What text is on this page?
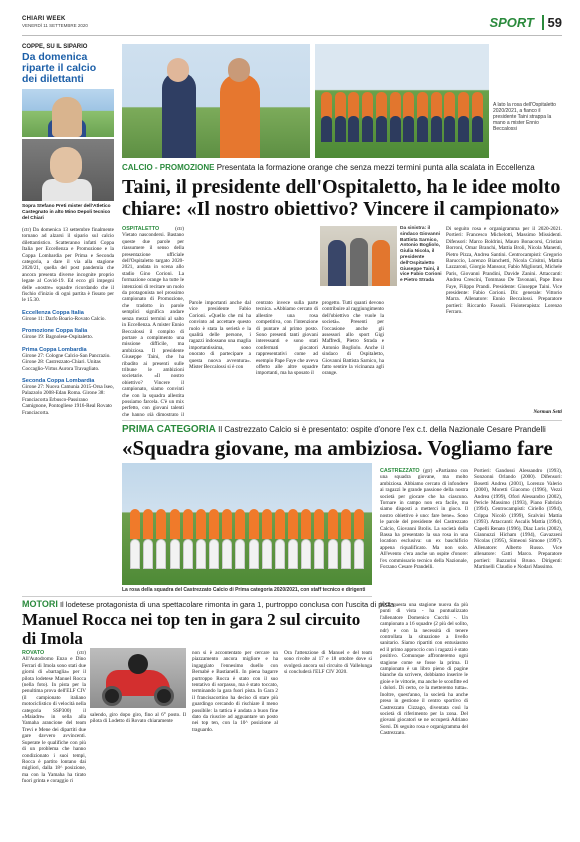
CHIARI WEEK
VENERDÌ 11 SETTEMBRE 2020	SPORT	59
COPPE, SU IL SIPARIO
Da domenica riparte il calcio dei dilettanti
Sopra Stefano Preti mister dell'Atletico Castegnato in alto Mino Depoli tecnico del Chiari
(ctr) Da domenica 13 settembre finalmente tornano ad alzarsi il sipario sul calcio dilettantistico. Scatteranno infatti Coppa Italia per Eccellenza e Promozione e la Coppa Lombardia per Prima e Seconda categoria, a dare il via alla stagione 2020/21, quella del post pandemia che ancora presenta diverse incognite proprio legate al Covid-19. Ed ecco gli impegni delle «nostre» squadre ricordando che il fischio d'inizio di ogni partita è fissato per le 15.30.
Eccellenza Coppa Italia
Girone 11: Darfo Boario-Rovato Calcio.
Promozione Coppa Italia
Girone 19: Bagnolese-Ospitaletto.
Prima Coppa Lombardia
Girone 27: Cologne Calcio-San Pancrazio. Girone 28: Castrezzato-Chiari. Unitas Coccaglio-Virtus Aurora Travagliato.
Seconda Coppa Lombardia
Girone 27: Nuova Camunia 2015-Orsa Iseo, Palazzolo 2008-Edan Roma. Girone 38: Franciacorta Erbusco-Passirano Camignone, Pontogliese 1916-Real Rovato Franciacorta.
A lato la rosa dell'Ospitaletto 2020/2021, a fianco il presidente Taini strappa la mano a mister Ennio Beccalossi
CALCIO - PROMOZIONE Presentata la formazione orange che senza mezzi termini punta alla scalata in Eccellenza
Taini, il presidente dell'Ospitaletto, ha le idee molto chiare: «Il nostro obiettivo? Vincere il campionato»
OSPITALETTO	(ctr) Vietato nascondersi. Bastano queste due parole per riassumere il senso della presentazione ufficiale dell'Ospitaletto targato 2020-2021, andata in scena allo stadio Gino Corioni. La formazione orange ha tutte le intenzioni di recitare un ruolo da protagonista nel prossimo campionato di Promozione, che tradotto in parole semplici significa andare senza mezzi termini al salto in Eccellenza. A mister Ennio Beccalossi il compito di portare a compimento una missione difficile, ma ambiziosa. Il presidente Giuseppe Taini, che ha ribadito ai presenti sulle tribune le ambizioni societarie. «Il nostro obiettivo? Vincere il campionato, siamo convinti che con la squadra allestita possiamo farcela. C'è un mix perfetto, con giovani talenti che hanno già dimostrato il
Parole importanti anche dal vice presidente Fabio Corioni. «Quello che mi ha convinto ad accettare questo ruolo è stata la serietà e la qualità delle persone, i ragazzi indossano una maglia importantissima, sono onorato di partecipare a questa nuova avventura». Mister Beccalossi si è con
centrato invece sulla parte tecnica. «Abbiamo cercato di allestire una rosa competitiva, con l'intenzione di puntare al primo posto. Sono presenti tanti giovani interessanti e sono stati confermati giocatori rappresentativi come ad esempio Pape Faye che aveva offerto alle altre squadre importanti, ma ha sposato il
Da sinistra: il sindaco Giovanni Battista Sarnico, Antonio Bogliolo, Giulia Nicola, il presidente dell'Ospitaletto Giuseppe Taini, il vice Fabio Corioni e Pietro Strada
progetto. Tutti quanti devono contribuire al raggiungimento dell'obiettivo che vuole la società». Presenti per l'occasione anche gli assessori allo sport Gigi Maffredi, Pietro Strada e Antonio Bogliolo. Anche il sindaco di Ospitaletto, Giovanni Battista Sarnico, ha fatto sentire la vicinanza agli orange.
Di seguito rosa e organigramma per il 2020-2021. Portieri: Francesco Michelotti, Massimo Missidenti. Difensori: Marco Boldrini, Mauro Bonacorsi, Cristian Borroni, Omar Branchi, Mattia Broli, Nicola Manenti, Pietro Pizza, Andrea Santini. Centrocampisti: Gregorio Baruccio, Lorenzo Bianchetti, Nicola Crisitni, Mattia Lazzaroni, Giorgio Mansour, Fabio Migliorati, Michele Paris, Giovanni Prandini, Davide Zanini. Attaccanti: Andrea Crescini, Tommaso De Tavonani, Pape Ibou Faye, Filippo Prandi. Presidente: Giuseppe Taini. Vice presidente: Fabio Corioni. Dir. generale: Vittorio Marra. Allenatore: Ennio Beccalossi. Preparatore portieri: Riccardo Fassoli. Fisioterapista: Lorenzo Ferraro.
Norman Setti
PRIMA CATEGORIA Il Castrezzato Calcio si è presentato: ospite d'onore l'ex c.t. della Nazionale Cesare Prandelli
«Squadra giovane, ma ambiziosa. Vogliamo fare
La rosa della squadra del Castrezzato Calcio di Prima categoria 2020/2021, con staff tecnico e dirigenti
CASTREZZATO (gtr) «Partiamo con una squadra giovane, ma molto ambiziosa. Abbiamo cercato di infondere ai ragazzi le grande passione della nostra società per giocare che ha ciascuno. Tornare in campo non era facile, ma siamo disposti a metterci in gioco. Il nostro obiettivo è uno: fare bene». Sono le parole del presidente del Castrezzato Calcio, Giovanni Brolis. La società della Bassa ha presentato la sua rosa in una location esclusiva: un ex baschificio appena riqualificato. Ma non solo. All'evento c'era anche un ospite d'onore: l'ex commissario tecnico della Nazionale, Forzano Cesare Prandelli.
Portieri: Gandossi Alessandro (1993), Sonzonni Orlando (2000). Difensori: Bosetti Andrea (2001), Lorenzo Valerio (2000), Moretti Giacomo (1996), Vezzi Andrea (1999), Ofori Alessandro (2002), Pericle Massimo (1993), Piano Fabrizio (1994). Centrocampisti: Ciriello (1994), Crippa Nicolò (1999), Scalvini Mattia (1993). Attaccanti: Ascalis Mattia (1994), Capelli Renato (1996), Diaz Loris (2002), Giannuzzi Hicham (1994), Gavazzeni Nicolas (1995), Simeoni Simone (1997). Allenatore: Alberto Russo. Vice allenatore: Gatti Marco. Preparatore portieri: Bazzurini Bruno. Dirigenti: Martinelli Claudio e Nodari Massimo.
ICCI questa una stagione nuova da più punti di vista - ha puntualizzato l'allenatore Domenico Cucchi -. Un campionato a 16 squadre (2 più del solito, ndr) e con la necessità di tenere controllata la situazione a livello sanitario. Siamo ripartiti con entusiasmo ed il primo approccio con i ragazzi è stato positivo. Comunque affronteremo ogni stagione come se fosse la prima. Il campionato è un libro pieno di pagine bianche da scrivere, dobbiamo inserire le gioie e le vittorie, ma anche le sconfitte ed i dolori. Di certo, ce la metteremo tutta». Inoltre, quest'anno, la società ha anche preso in gestione il centro sportivo di Castrezzato Cizzago, diventata così la società di riferimento per la zona. Del giovani giocatori se ne occuperà Adriano Sorsi. Di seguito rosa e organigramma del Castrezzato.
MOTORI Il lodetese protagonista di una spettacolare rimonta in gara 1, purtroppo conclusa con l'uscita di pista
Manuel Rocca nei top ten in gara 2 sul circuito di Imola
ROVATO	(ctr) All'Autodromo Enzo e Dino Ferrari di Imola sono stati due giorni di «bartaglia» per il pilota lodetese Manuel Rocca (nella foto). In pista per la penultima prova dell'ELF CIV (il campionato italiano motociclistico di velocità nella categoria SSP300) il «Maiadre» in sella alla Yamaha arancione del team Trevi e Mene dei dipartiti due gare davvero avvincenti. Superate le qualifiche con più di un problema che hanno condizionato i suoi tempi, Rocca è partito lontano dai migliori, dalla 18^ posizione, ma con la Yamaha ha tirato fuori grinta e coraggio ri
salendo, giro dopo giro, fino al 6° posto. Il pilota di Lodetto di Rovato chiaramente
non si è accontentato per cercare un piazzamento ancora migliore e ha ingaggiato l'ennesimo duello con Bernabè e Bastianelli. In piena bagarre purtroppo Rocca è stato con il suo tentativo di sorpasso, ma è stato toccato, terminando la gara fuori pista. In Gara 2 il francisacortino ha deciso di stare più guardingo cercando di rischiare il meno possibile: la tattica è andata a buon fine dato da riuscire ad agguantare un posto nei top ten, con la 10^ posizione al traguardo.
Ora l'attenzione di Manuel e del team sono rivolte al 17 e 18 ottobre dove si svolgerà ancora sul circuito di Vallelunga si concluderà l'ELF CIV 2020.
